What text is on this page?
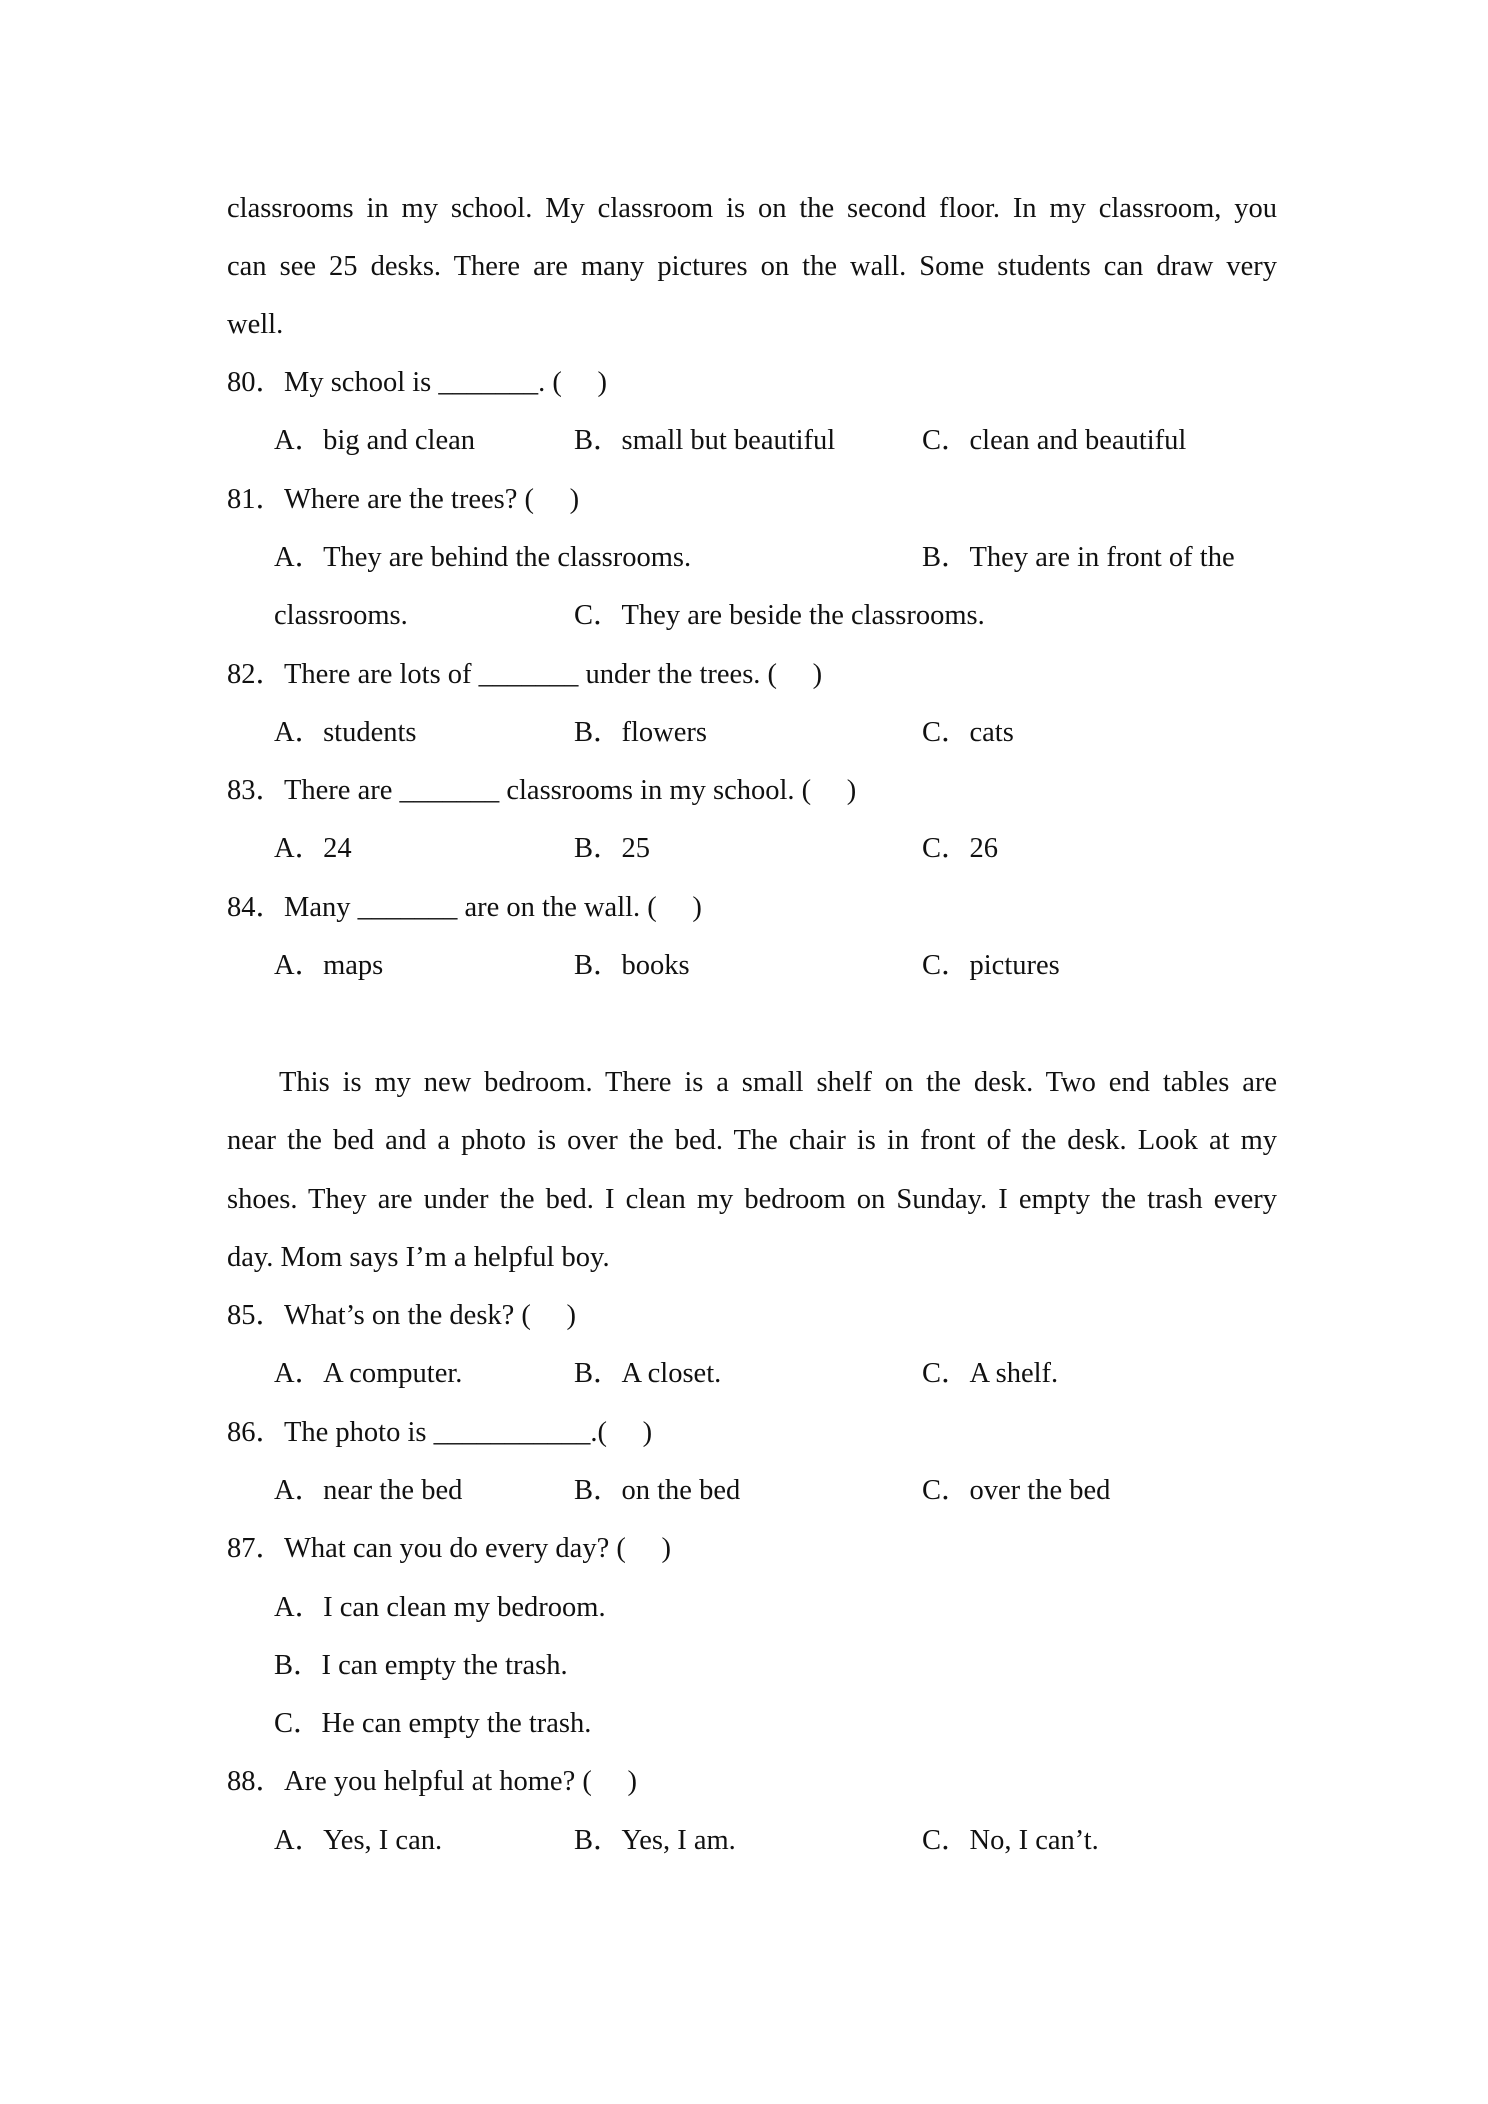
classrooms in my school. My classroom is on the second floor. In my classroom, you
can see 25 desks. There are many pictures on the wall. Some students can draw very
well.
80．My school is _______. (     )
A．big and clean	B．small but beautiful	C．clean and beautiful
81．Where are the trees? (     )
A．They are behind the classrooms.	B．They are in front of the
classrooms.	C．They are beside the classrooms.
82．There are lots of _______ under the trees. (     )
A．students	B．flowers	C．cats
83．There are _______ classrooms in my school. (     )
A．24	B．25	C．26
84．Many _______ are on the wall. (     )
A．maps	B．books	C．pictures
This is my new bedroom. There is a small shelf on the desk. Two end tables are
near the bed and a photo is over the bed. The chair is in front of the desk. Look at my
shoes. They are under the bed. I clean my bedroom on Sunday. I empty the trash every
day. Mom says I’m a helpful boy.
85．What’s on the desk? (     )
A．A computer.	B．A closet.	C．A shelf.
86．The photo is ___________.(     )
A．near the bed	B．on the bed	C．over the bed
87．What can you do every day? (     )
A．I can clean my bedroom.
B．I can empty the trash.
C．He can empty the trash.
88．Are you helpful at home? (     )
A．Yes, I can.	B．Yes, I am.	C．No, I can’t.
